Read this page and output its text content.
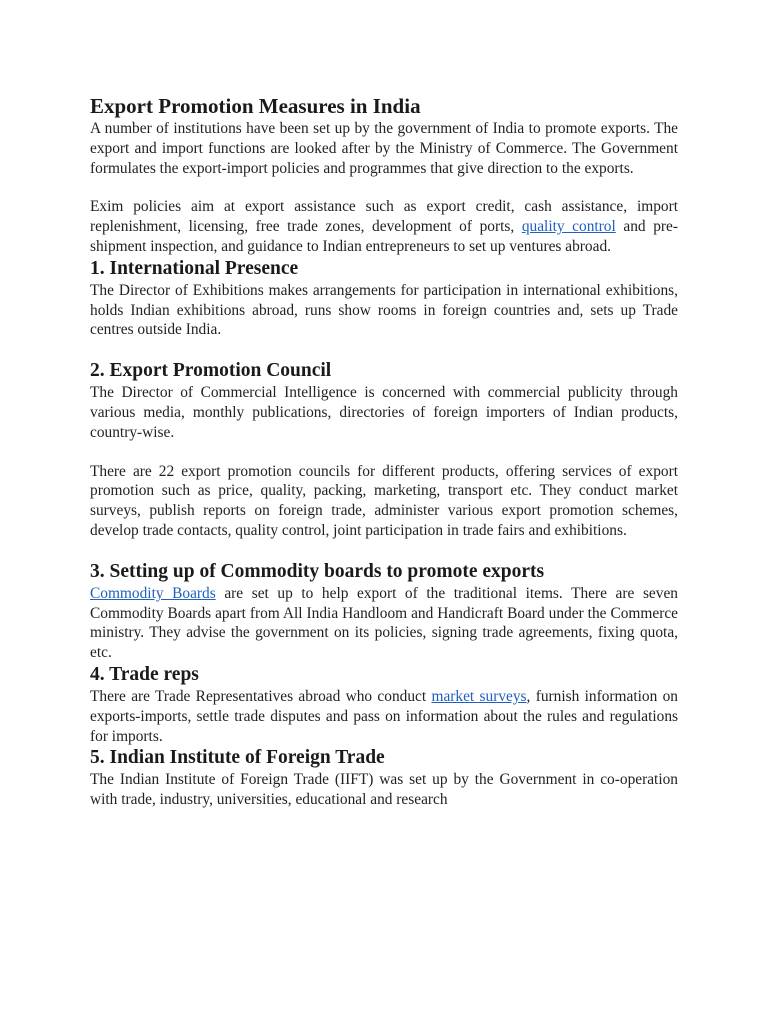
Export Promotion Measures in India

A number of institutions have been set up by the government of India to promote exports. The export and import functions are looked after by the Ministry of Commerce. The Government formulates the export-import policies and programmes that give direction to the exports.

Exim policies aim at export assistance such as export credit, cash assistance, import replenishment, licensing, free trade zones, development of ports, quality control and pre-shipment inspection, and guidance to Indian entrepreneurs to set up ventures abroad.

1. International Presence

The Director of Exhibitions makes arrangements for participation in international exhibitions, holds Indian exhibitions abroad, runs show rooms in foreign countries and, sets up Trade centres outside India.

2. Export Promotion Council

The Director of Commercial Intelligence is concerned with commercial publicity through various media, monthly publications, directories of foreign importers of Indian products, country-wise.

There are 22 export promotion councils for different products, offering services of export promotion such as price, quality, packing, marketing, transport etc. They conduct market surveys, publish reports on foreign trade, administer various export promotion schemes, develop trade contacts, quality control, joint participation in trade fairs and exhibitions.

3. Setting up of Commodity boards to promote exports

Commodity Boards are set up to help export of the traditional items. There are seven Commodity Boards apart from All India Handloom and Handicraft Board under the Commerce ministry. They advise the government on its policies, signing trade agreements, fixing quota, etc.

4. Trade reps

There are Trade Representatives abroad who conduct market surveys, furnish information on exports-imports, settle trade disputes and pass on information about the rules and regulations for imports.

5. Indian Institute of Foreign Trade

The Indian Institute of Foreign Trade (IIFT) was set up by the Government in co-operation with trade, industry, universities, educational and research
